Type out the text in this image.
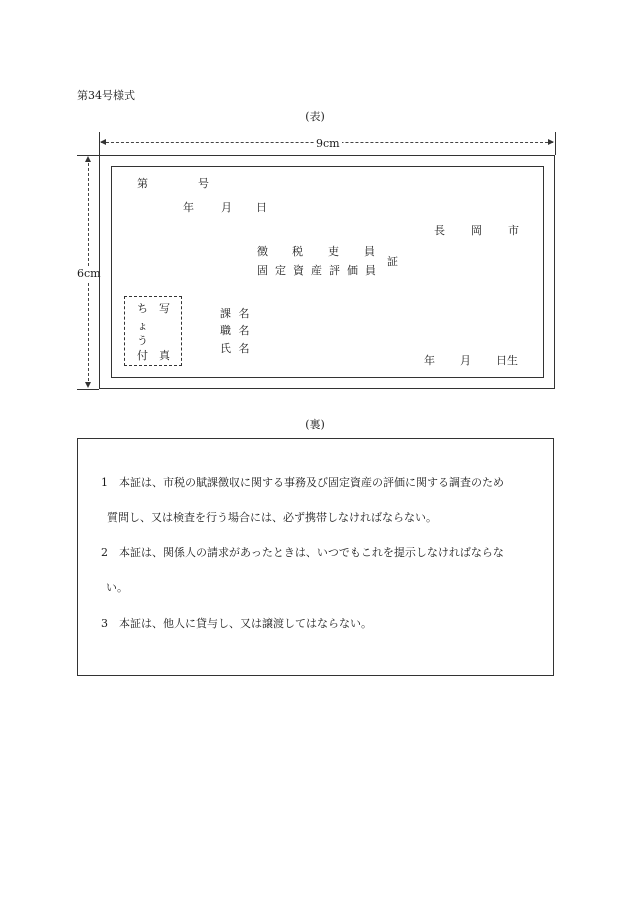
第34号様式
(表)
9cm
6cm
第	号
年 月 日
長 岡 市
徴 税 吏 員
固 定 資 産 評 価 員
証
ち
ょ
う
付
写
真
課 名
職 名
氏 名
年 月 日生
(裏)
1　本証は、市税の賦課徴収に関する事務及び固定資産の評価に関する調査のため
質問し、又は検査を行う場合には、必ず携帯しなければならない。
2　本証は、関係人の請求があったときは、いつでもこれを提示しなければならな
い。
3　本証は、他人に貸与し、又は譲渡してはならない。
